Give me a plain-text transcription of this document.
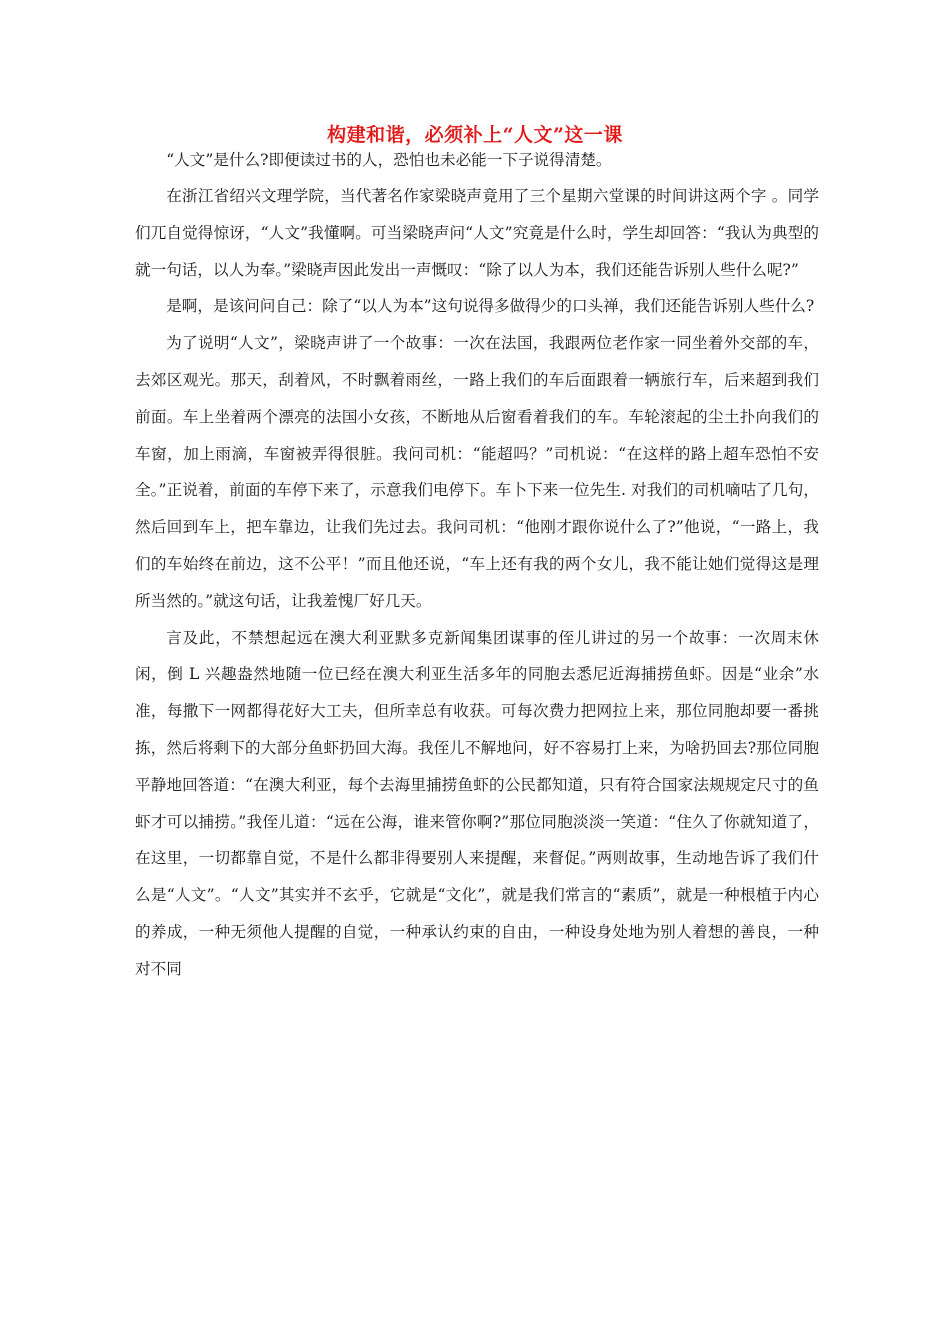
构建和谐，必须补上“人文”这一课

“人文”是什么?即便读过书的人，恐怕也未必能一下子说得清楚。

在浙江省绍兴文理学院，当代著名作家梁晓声竟用了三个星期六堂课的时间讲这两个字 。同学们兀自觉得惊讶，“人文”我懂啊。可当梁晓声问“人文”究竟是什么时，学生却回答：“我认为典型的就一句话，以人为奉。”梁晓声因此发出一声慨叹：“除了以人为本，我们还能告诉别人些什么呢?”

是啊，是该问问自己：除了“以人为本”这句说得多做得少的口头禅，我们还能告诉别人些什么?

为了说明“人文”，梁晓声讲了一个故事：一次在法国，我跟两位老作家一同坐着外交部的车，去郊区观光。那天，刮着风，不时飘着雨丝，一路上我们的车后面跟着一辆旅行车，后来超到我们前面。车上坐着两个漂亮的法国小女孩，不断地从后窗看着我们的车。车轮滚起的尘土扑向我们的车窗，加上雨滴，车窗被弄得很脏。我问司机：“能超吗？”司机说：“在这样的路上超车恐怕不安全。”正说着，前面的车停下来了，示意我们电停下。车卜下来一位先生. 对我们的司机嘀咕了几句，然后回到车上，把车靠边，让我们先过去。我问司机：“他刚才跟你说什么了?”他说，“一路上，我们的车始终在前边，这不公平！”而且他还说，“车上还有我的两个女儿，我不能让她们觉得这是理所当然的。”就这句话，让我羞愧厂好几天。

言及此，不禁想起远在澳大利亚默多克新闻集团谋事的侄儿讲过的另一个故事：一次周末休闲，倒 L 兴趣盎然地随一位已经在澳大利亚生活多年的同胞去悉尼近海捕捞鱼虾。因是“业余”水准，每撒下一网都得花好大工夫，但所幸总有收获。可每次费力把网拉上来，那位同胞却要一番挑拣，然后将剩下的大部分鱼虾扔回大海。我侄儿不解地问，好不容易打上来，为啥扔回去?那位同胞平静地回答道：“在澳大利亚，每个去海里捕捞鱼虾的公民都知道，只有符合国家法规规定尺寸的鱼虾才可以捕捞。”我侄儿道：“远在公海，谁来管你啊?”那位同胞淡淡一笑道：“住久了你就知道了，在这里，一切都靠自觉，不是什么都非得要别人来提醒，来督促。”两则故事，生动地告诉了我们什么是“人文”。“人文”其实并不玄乎，它就是“文化”，就是我们常言的“素质”，就是一种根植于内心的养成，一种无须他人提醒的自觉，一种承认约束的自由，一种设身处地为别人着想的善良，一种对不同
